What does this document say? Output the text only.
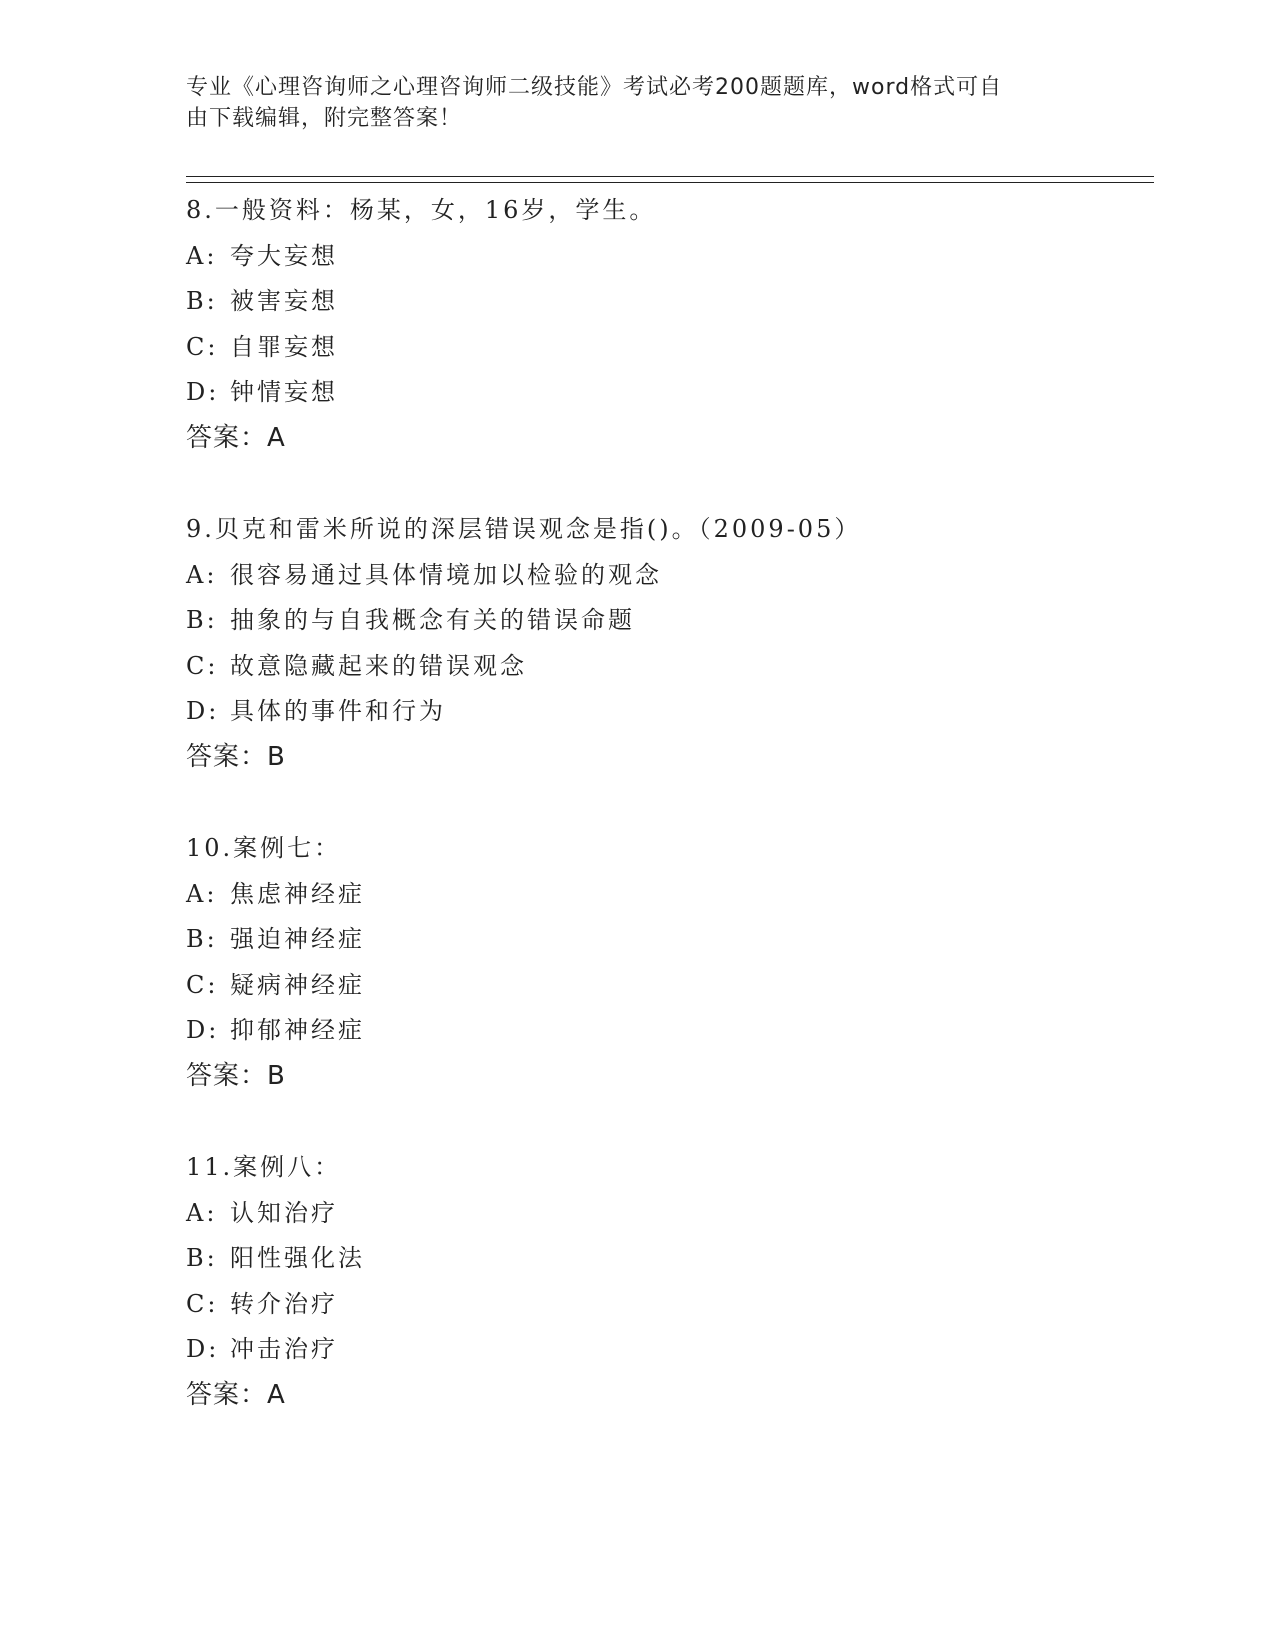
专业《心理咨询师之心理咨询师二级技能》考试必考200题题库，word格式可自
由下载编辑，附完整答案！
8.一般资料：杨某，女，16岁，学生。
A: 夸大妄想
B: 被害妄想
C: 自罪妄想
D: 钟情妄想
答案：A
9.贝克和雷米所说的深层错误观念是指()。（2009-05）
A: 很容易通过具体情境加以检验的观念
B: 抽象的与自我概念有关的错误命题
C: 故意隐藏起来的错误观念
D: 具体的事件和行为
答案：B
10.案例七：
A: 焦虑神经症
B: 强迫神经症
C: 疑病神经症
D: 抑郁神经症
答案：B
11.案例八：
A: 认知治疗
B: 阳性强化法
C: 转介治疗
D: 冲击治疗
答案：A
